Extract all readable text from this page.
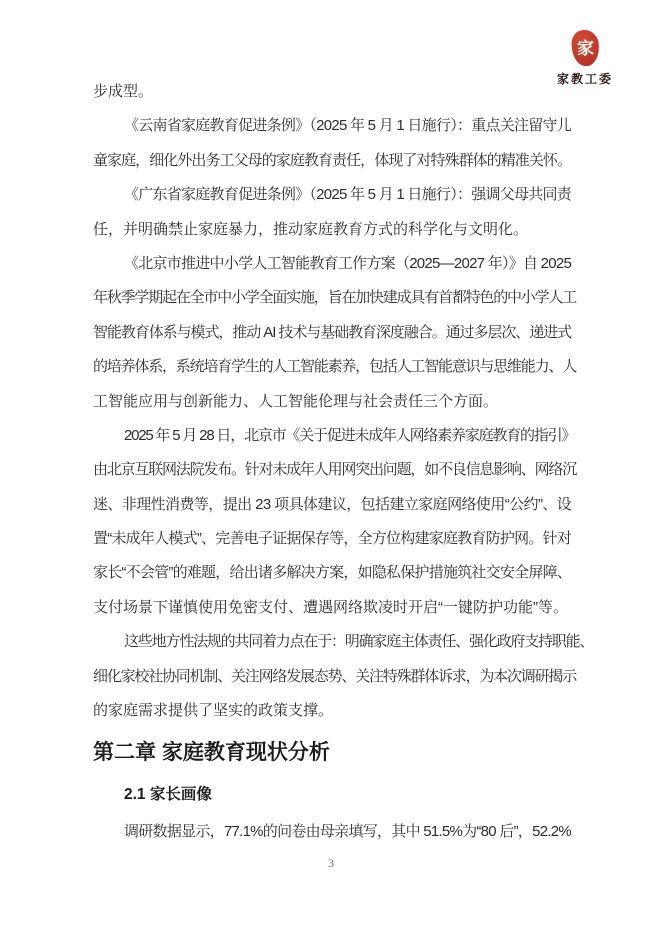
家
家教工委
步成型。
《云南省家庭教育促进条例》（2025 年 5 月 1 日施行）：重点关注留守儿
童家庭，细化外出务工父母的家庭教育责任，体现了对特殊群体的精准关怀。
《广东省家庭教育促进条例》（2025 年 5 月 1 日施行）：强调父母共同责
任，并明确禁止家庭暴力，推动家庭教育方式的科学化与文明化。
《北京市推进中小学人工智能教育工作方案（2025—2027 年）》自 2025
年秋季学期起在全市中小学全面实施，旨在加快建成具有首都特色的中小学人工
智能教育体系与模式，推动 AI 技术与基础教育深度融合。通过多层次、递进式
的培养体系，系统培育学生的人工智能素养，包括人工智能意识与思维能力、人
工智能应用与创新能力、人工智能伦理与社会责任三个方面。
2025 年 5 月 28 日，北京市《关于促进未成年人网络素养家庭教育的指引》
由北京互联网法院发布。针对未成年人用网突出问题，如不良信息影响、网络沉
迷、非理性消费等，提出 23 项具体建议，包括建立家庭网络使用“公约”、设
置“未成年人模式”、完善电子证据保存等，全方位构建家庭教育防护网。针对
家长“不会管”的难题，给出诸多解决方案，如隐私保护措施筑社交安全屏障、
支付场景下谨慎使用免密支付、遭遇网络欺凌时开启“一键防护功能”等。
这些地方性法规的共同着力点在于：明确家庭主体责任、强化政府支持职能、
细化家校社协同机制、关注网络发展态势、关注特殊群体诉求，为本次调研揭示
的家庭需求提供了坚实的政策支撑。
第二章 家庭教育现状分析
2.1 家长画像
调研数据显示，77.1%的问卷由母亲填写，其中 51.5%为“80 后”，52.2%
3
